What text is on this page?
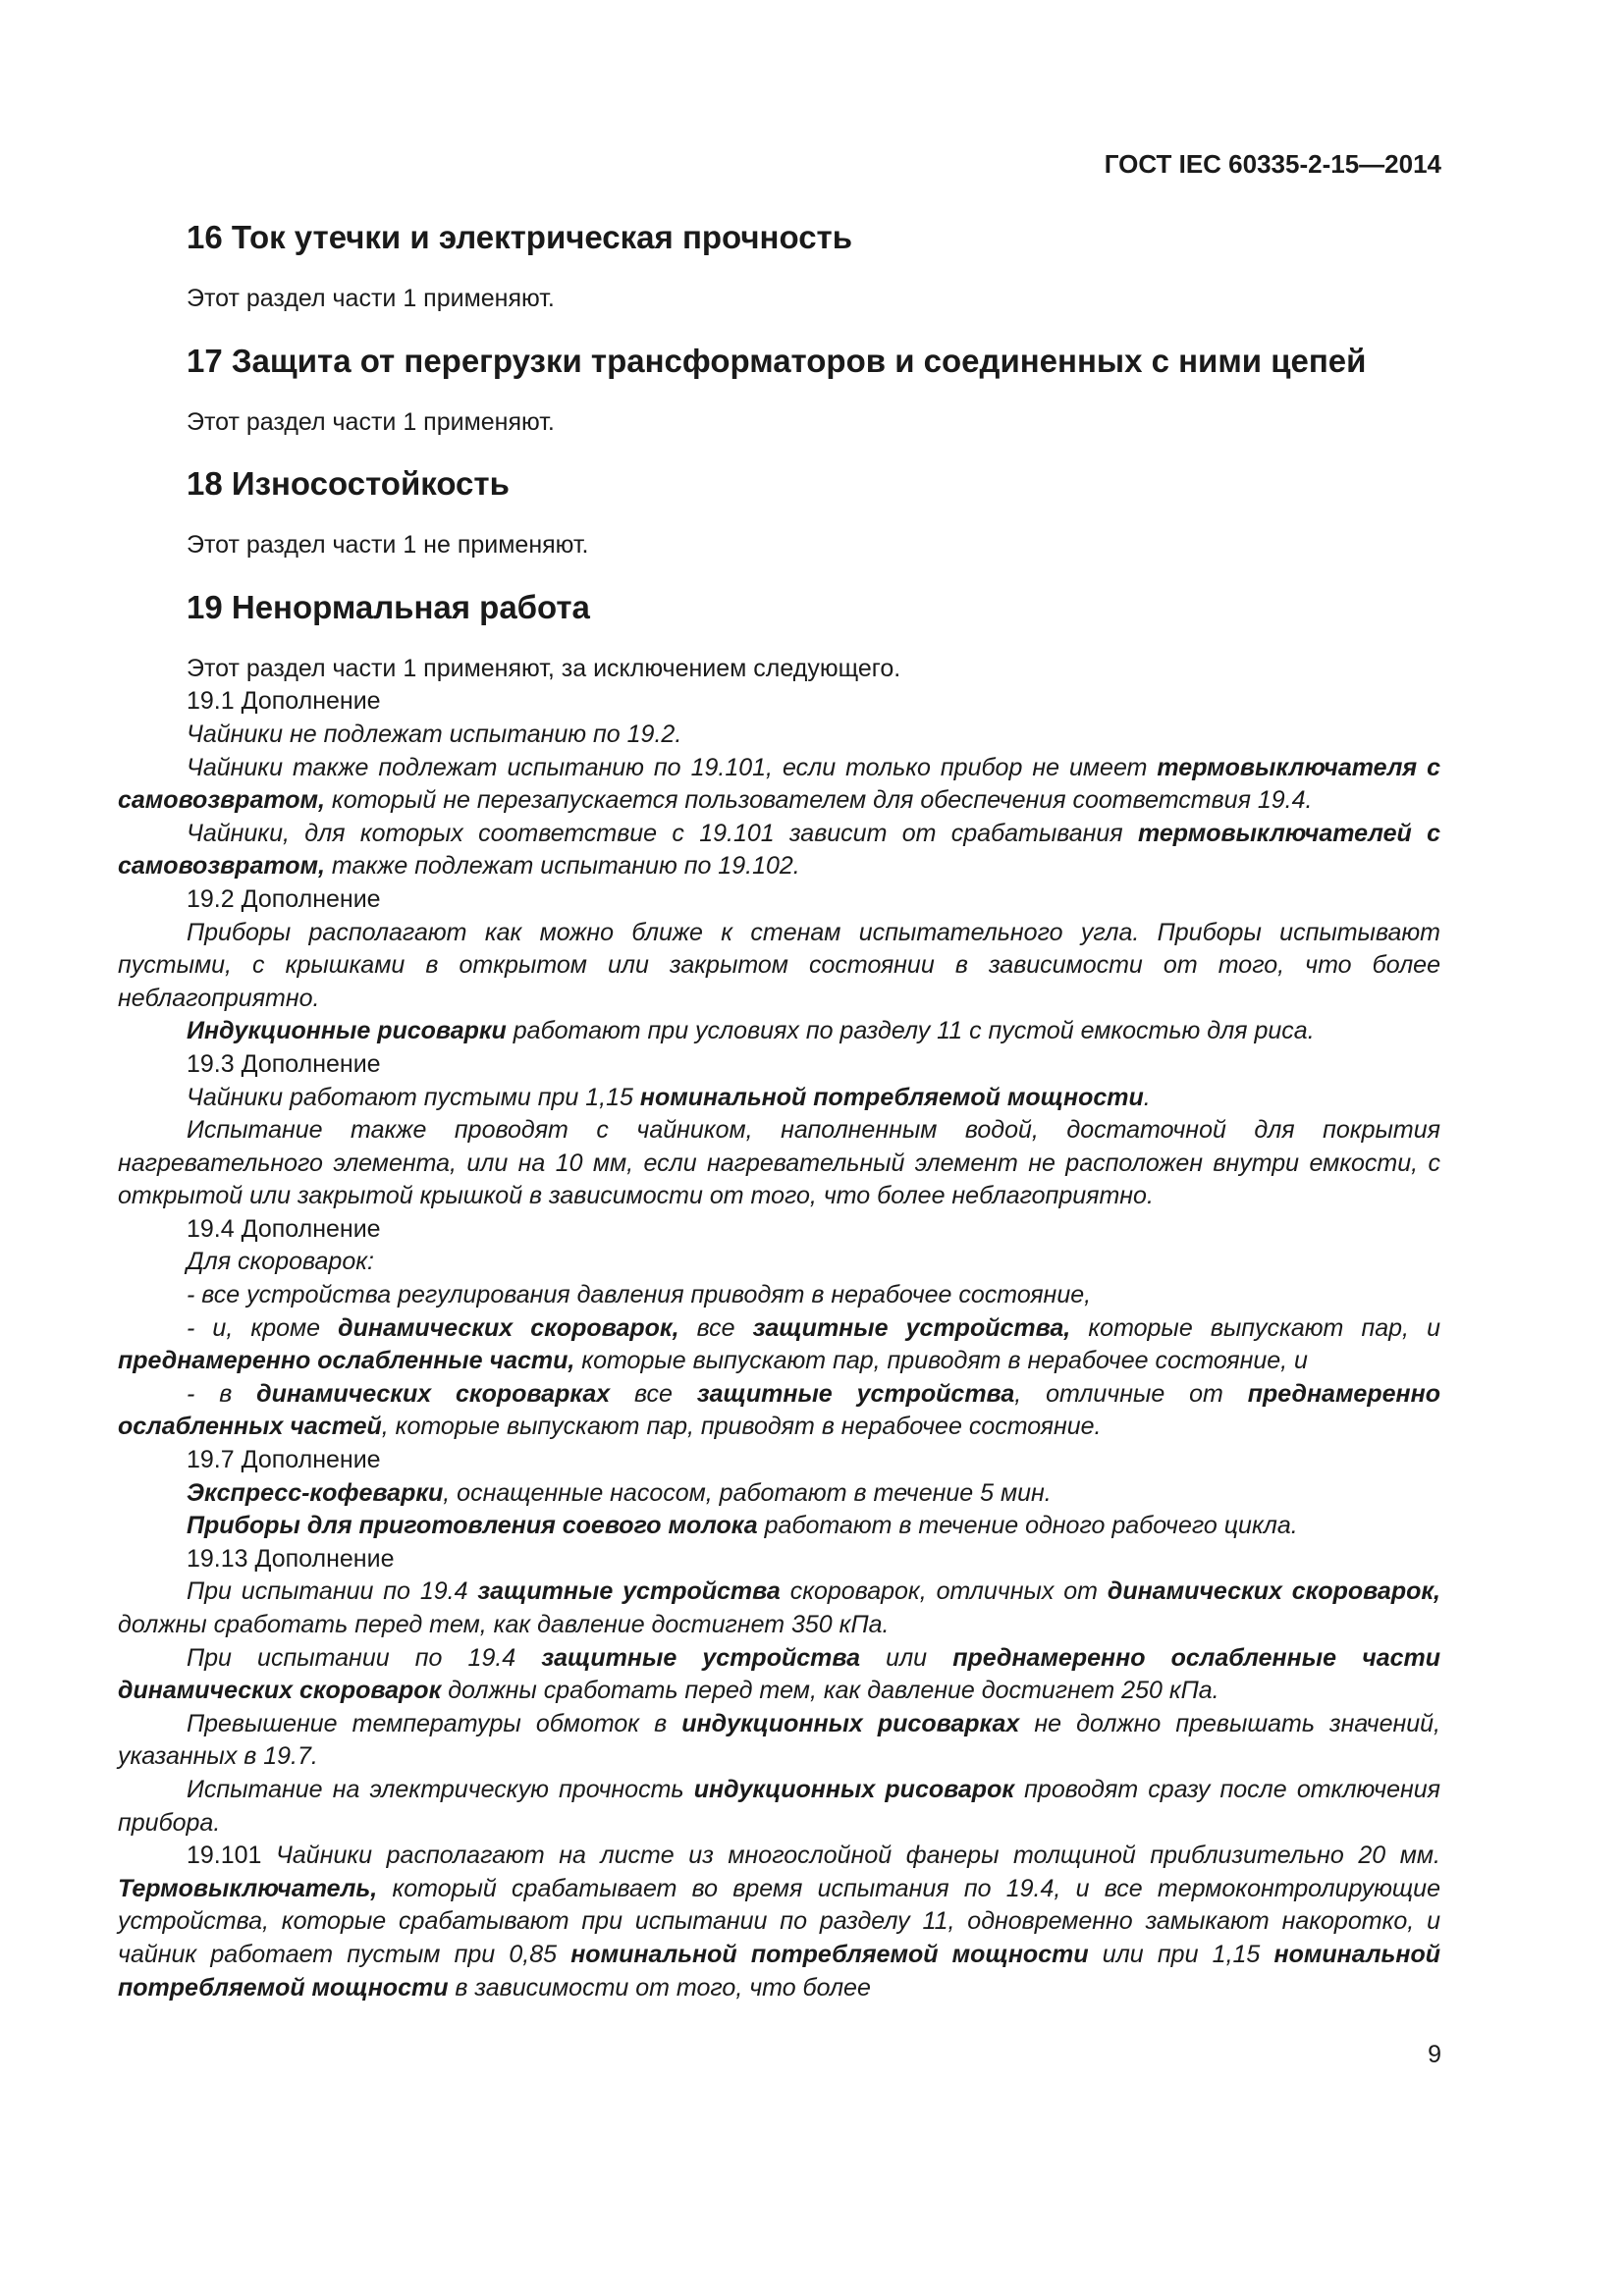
ГОСТ IEC 60335-2-15—2014
16 Ток утечки и электрическая прочность

Этот раздел части 1 применяют.

17 Защита от перегрузки трансформаторов и соединенных с ними цепей

Этот раздел части 1 применяют.

18 Износостойкость

Этот раздел части 1 не применяют.

19 Ненормальная работа

Этот раздел части 1 применяют, за исключением следующего.

19.1 Дополнение

Чайники не подлежат испытанию по 19.2.

Чайники также подлежат испытанию по 19.101, если только прибор не имеет термовыключателя с самовозвратом, который не перезапускается пользователем для обеспечения соответствия 19.4.

Чайники, для которых соответствие с 19.101 зависит от срабатывания термовыключателей с самовозвратом, также подлежат испытанию по 19.102.

19.2 Дополнение

Приборы располагают как можно ближе к стенам испытательного угла. Приборы испытывают пустыми, с крышками в открытом или закрытом состоянии в зависимости от того, что более неблагоприятно.

Индукционные рисоварки работают при условиях по разделу 11 с пустой емкостью для риса.

19.3 Дополнение

Чайники работают пустыми при 1,15 номинальной потребляемой мощности.

Испытание также проводят с чайником, наполненным водой, достаточной для покрытия нагревательного элемента, или на 10 мм, если нагревательный элемент не расположен внутри емкости, с открытой или закрытой крышкой в зависимости от того, что более неблагоприятно.

19.4 Дополнение

Для скороварок:

- все устройства регулирования давления приводят в нерабочее состояние,

- и, кроме динамических скороварок, все защитные устройства, которые выпускают пар, и преднамеренно ослабленные части, которые выпускают пар, приводят в нерабочее состояние, и

- в динамических скороварках все защитные устройства, отличные от преднамеренно ослабленных частей, которые выпускают пар, приводят в нерабочее состояние.

19.7 Дополнение

Экспресс-кофеварки, оснащенные насосом, работают в течение 5 мин.

Приборы для приготовления соевого молока работают в течение одного рабочего цикла.

19.13 Дополнение

При испытании по 19.4 защитные устройства скороварок, отличных от динамических скороварок, должны сработать перед тем, как давление достигнет 350 кПа.

При испытании по 19.4 защитные устройства или преднамеренно ослабленные части динамических скороварок должны сработать перед тем, как давление достигнет 250 кПа.

Превышение температуры обмоток в индукционных рисоварках не должно превышать значений, указанных в 19.7.

Испытание на электрическую прочность индукционных рисоварок проводят сразу после отключения прибора.

19.101 Чайники располагают на листе из многослойной фанеры толщиной приблизительно 20 мм. Термовыключатель, который срабатывает во время испытания по 19.4, и все термоконтролирующие устройства, которые срабатывают при испытании по разделу 11, одновременно замыкают накоротко, и чайник работает пустым при 0,85 номинальной потребляемой мощности или при 1,15 номинальной потребляемой мощности в зависимости от того, что более

9
